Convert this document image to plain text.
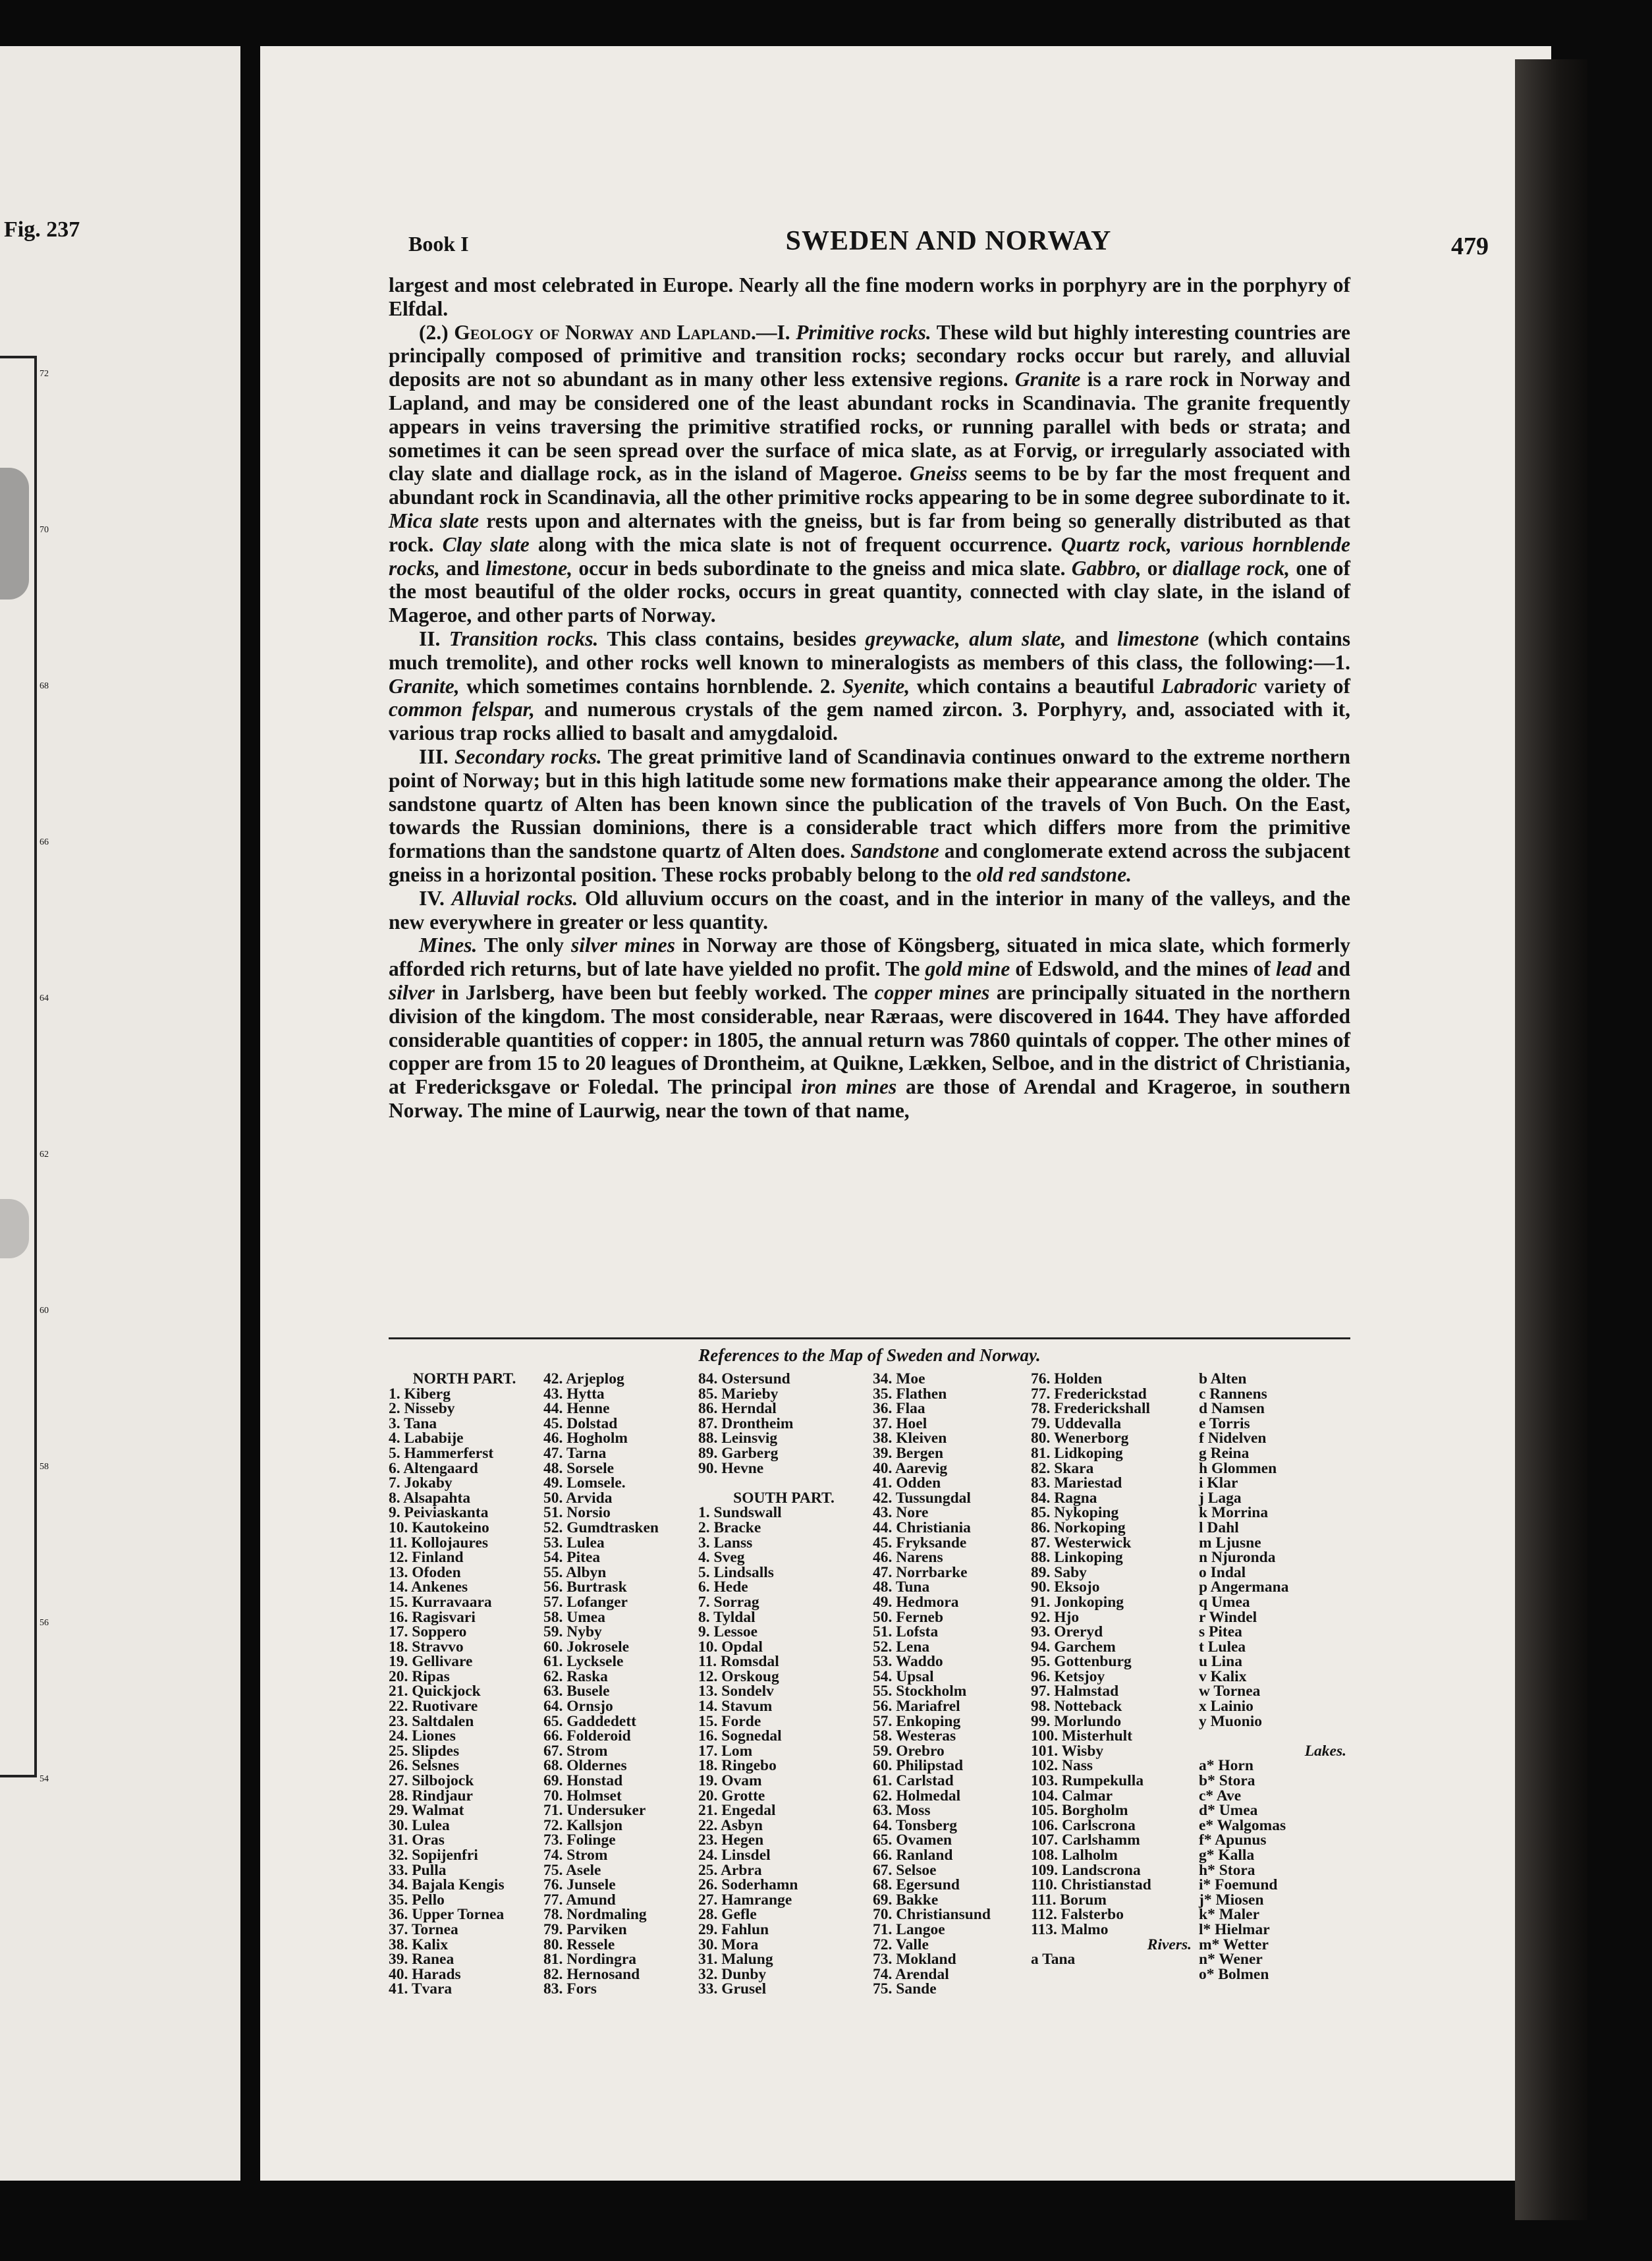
Fig. 237
72
70
68
66
64
62
60
58
56
54
Book I	SWEDEN AND NORWAY	479

largest and most celebrated in Europe. Nearly all the fine modern works in porphyry are in the porphyry of Elfdal.

(2.) Geology of Norway and Lapland.—I. Primitive rocks. These wild but highly interesting countries are principally composed of primitive and transition rocks; secondary rocks occur but rarely, and alluvial deposits are not so abundant as in many other less extensive regions. Granite is a rare rock in Norway and Lapland, and may be considered one of the least abundant rocks in Scandinavia. The granite frequently appears in veins traversing the primitive stratified rocks, or running parallel with beds or strata; and sometimes it can be seen spread over the surface of mica slate, as at Forvig, or irregularly associated with clay slate and diallage rock, as in the island of Mageroe. Gneiss seems to be by far the most frequent and abundant rock in Scandinavia, all the other primitive rocks appearing to be in some degree subordinate to it. Mica slate rests upon and alternates with the gneiss, but is far from being so generally distributed as that rock. Clay slate along with the mica slate is not of frequent occurrence. Quartz rock, various hornblende rocks, and limestone, occur in beds subordinate to the gneiss and mica slate. Gabbro, or diallage rock, one of the most beautiful of the older rocks, occurs in great quantity, connected with clay slate, in the island of Mageroe, and other parts of Norway.

II. Transition rocks. This class contains, besides greywacke, alum slate, and limestone (which contains much tremolite), and other rocks well known to mineralogists as members of this class, the following:—1. Granite, which sometimes contains hornblende. 2. Syenite, which contains a beautiful Labradoric variety of common felspar, and numerous crystals of the gem named zircon. 3. Porphyry, and, associated with it, various trap rocks allied to basalt and amygdaloid.

III. Secondary rocks. The great primitive land of Scandinavia continues onward to the extreme northern point of Norway; but in this high latitude some new formations make their appearance among the older. The sandstone quartz of Alten has been known since the publication of the travels of Von Buch. On the East, towards the Russian dominions, there is a considerable tract which differs more from the primitive formations than the sandstone quartz of Alten does. Sandstone and conglomerate extend across the subjacent gneiss in a horizontal position. These rocks probably belong to the old red sandstone.

IV. Alluvial rocks. Old alluvium occurs on the coast, and in the interior in many of the valleys, and the new everywhere in greater or less quantity.

Mines. The only silver mines in Norway are those of Köngsberg, situated in mica slate, which formerly afforded rich returns, but of late have yielded no profit. The gold mine of Edswold, and the mines of lead and silver in Jarlsberg, have been but feebly worked. The copper mines are principally situated in the northern division of the kingdom. The most considerable, near Ræraas, were discovered in 1644. They have afforded considerable quantities of copper: in 1805, the annual return was 7860 quintals of copper. The other mines of copper are from 15 to 20 leagues of Drontheim, at Quikne, Lækken, Selboe, and in the district of Christiania, at Fredericksgave or Foledal. The principal iron mines are those of Arendal and Krageroe, in southern Norway. The mine of Laurwig, near the town of that name,

References to the Map of Sweden and Norway.
NORTH PART.
1. Kiberg
2. Nisseby
3. Tana
4. Lababije
5. Hammerferst
6. Altengaard
7. Jokaby
8. Alsapahta
9. Peiviaskanta
10. Kautokeino
11. Kollojaures
12. Finland
13. Ofoden
14. Ankenes
15. Kurravaara
16. Ragisvari
17. Soppero
18. Stravvo
19. Gellivare
20. Ripas
21. Quickjock
22. Ruotivare
23. Saltdalen
24. Liones
25. Slipdes
26. Selsnes
27. Silbojock
28. Rindjaur
29. Walmat
30. Lulea
31. Oras
32. Sopijenfri
33. Pulla
34. Bajala Kengis
35. Pello
36. Upper Tornea
37. Tornea
38. Kalix
39. Ranea
40. Harads
41. Tvara
42. Arjeplog
43. Hytta
44. Henne
45. Dolstad
46. Hogholm
47. Tarna
48. Sorsele
49. Lomsele.
50. Arvida
51. Norsio
52. Gumdtrasken
53. Lulea
54. Pitea
55. Albyn
56. Burtrask
57. Lofanger
58. Umea
59. Nyby
60. Jokrosele
61. Lycksele
62. Raska
63. Busele
64. Ornsjo
65. Gaddedett
66. Folderoid
67. Strom
68. Oldernes
69. Honstad
70. Holmset
71. Undersuker
72. Kallsjon
73. Folinge
74. Strom
75. Asele
76. Junsele
77. Amund
78. Nordmaling
79. Parviken
80. Ressele
81. Nordingra
82. Hernosand
83. Fors
84. Ostersund
85. Marieby
86. Herndal
87. Drontheim
88. Leinsvig
89. Garberg
90. Hevne

SOUTH PART.
1. Sundswall
2. Bracke
3. Lanss
4. Sveg
5. Lindsalls
6. Hede
7. Sorrag
8. Tyldal
9. Lessoe
10. Opdal
11. Romsdal
12. Orskoug
13. Sondelv
14. Stavum
15. Forde
16. Sognedal
17. Lom
18. Ringebo
19. Ovam
20. Grotte
21. Engedal
22. Asbyn
23. Hegen
24. Linsdel
25. Arbra
26. Soderhamn
27. Hamrange
28. Gefle
29. Fahlun
30. Mora
31. Malung
32. Dunby
33. Grusel
34. Moe
35. Flathen
36. Flaa
37. Hoel
38. Kleiven
39. Bergen
40. Aarevig
41. Odden
42. Tussungdal
43. Nore
44. Christiania
45. Fryksande
46. Narens
47. Norrbarke
48. Tuna
49. Hedmora
50. Ferneb
51. Lofsta
52. Lena
53. Waddo
54. Upsal
55. Stockholm
56. Mariafrel
57. Enkoping
58. Westeras
59. Orebro
60. Philipstad
61. Carlstad
62. Holmedal
63. Moss
64. Tonsberg
65. Ovamen
66. Ranland
67. Selsoe
68. Egersund
69. Bakke
70. Christiansund
71. Langoe
72. Valle
73. Mokland
74. Arendal
75. Sande
76. Holden
77. Frederickstad
78. Frederickshall
79. Uddevalla
80. Wenerborg
81. Lidkoping
82. Skara
83. Mariestad
84. Ragna
85. Nykoping
86. Norkoping
87. Westerwick
88. Linkoping
89. Saby
90. Eksojo
91. Jonkoping
92. Hjo
93. Oreryd
94. Garchem
95. Gottenburg
96. Ketsjoy
97. Halmstad
98. Notteback
99. Morlundo
100. Misterhult
101. Wisby
102. Nass
103. Rumpekulla
104. Calmar
105. Borgholm
106. Carlscrona
107. Carlshamm
108. Lalholm
109. Landscrona
110. Christianstad
111. Borum
112. Falsterbo
113. Malmo
Rivers.
a Tana
b Alten
c Rannens
d Namsen
e Torris
f Nidelven
g Reina
h Glommen
i Klar
j Laga
k Morrina
l Dahl
m Ljusne
n Njuronda
o Indal
p Angermana
q Umea
r Windel
s Pitea
t Lulea
u Lina
v Kalix
w Tornea
x Lainio
y Muonio

Lakes.
a* Horn
b* Stora
c* Ave
d* Umea
e* Walgomas
f* Apunus
g* Kalla
h* Stora
i* Foemund
j* Miosen
k* Maler
l* Hielmar
m* Wetter
n* Wener
o* Bolmen
